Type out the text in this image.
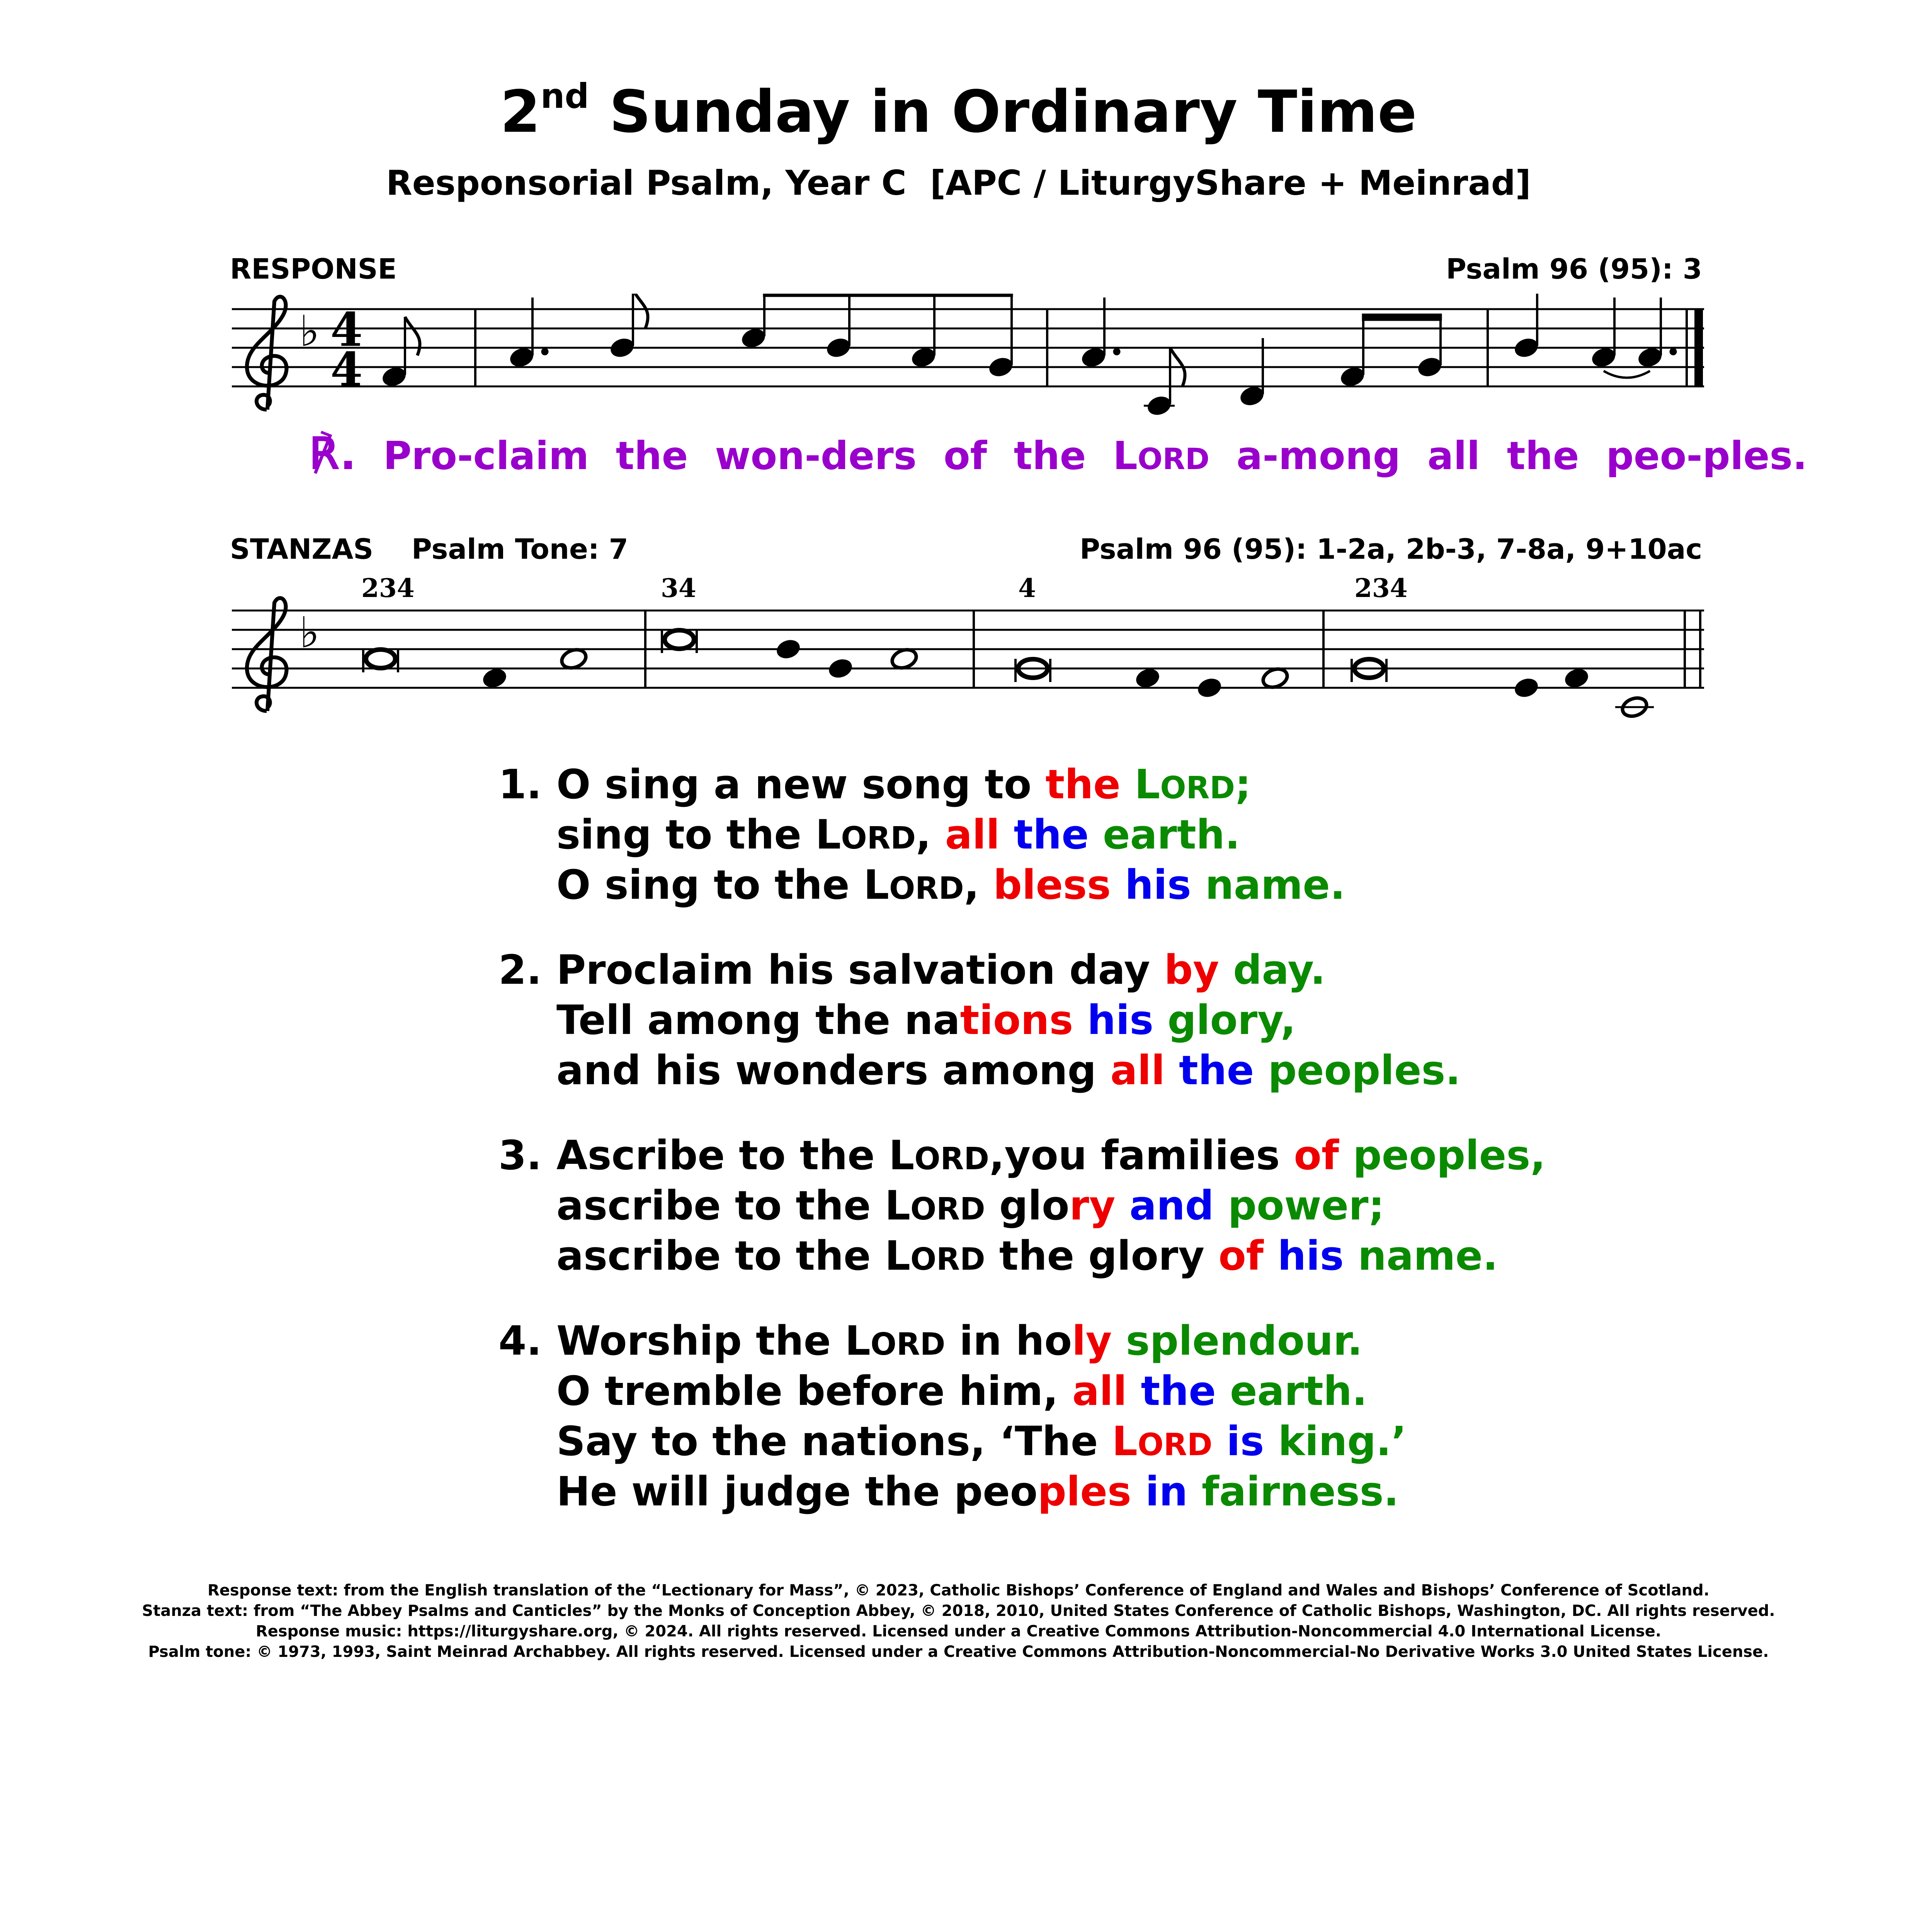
2nd Sunday in Ordinary Time
Responsorial Psalm, Year C  [APC / LiturgyShare + Meinrad]
RESPONSE	Psalm 96 (95): 3
♭ 4
4
℟. Pro-claim the won-ders of the LORD a-mong all the peo-ples.
STANZAS Psalm Tone: 7	Psalm 96 (95): 1-2a, 2b-3, 7-8a, 9+10ac
♭
234	34	4	234
1. O sing a new song to the LORD;
sing to the LORD, all the earth.
O sing to the LORD, bless his name.
2. Proclaim his salvation day by day.
Tell among the nations his glory,
and his wonders among all the peoples.
3. Ascribe to the LORD,you families of peoples,
ascribe to the LORD glory and power;
ascribe to the LORD the glory of his name.
4. Worship the LORD in holy splendour.
O tremble before him, all the earth.
Say to the nations, ‘The LORD is king.’
He will judge the peoples in fairness.
Response text: from the English translation of the “Lectionary for Mass”, © 2023, Catholic Bishops’ Conference of England and Wales and Bishops’ Conference of Scotland.
Stanza text: from “The Abbey Psalms and Canticles” by the Monks of Conception Abbey, © 2018, 2010, United States Conference of Catholic Bishops, Washington, DC. All rights reserved.
Response music: https://liturgyshare.org, © 2024. All rights reserved. Licensed under a Creative Commons Attribution-Noncommercial 4.0 International License.
Psalm tone: © 1973, 1993, Saint Meinrad Archabbey. All rights reserved. Licensed under a Creative Commons Attribution-Noncommercial-No Derivative Works 3.0 United States License.
